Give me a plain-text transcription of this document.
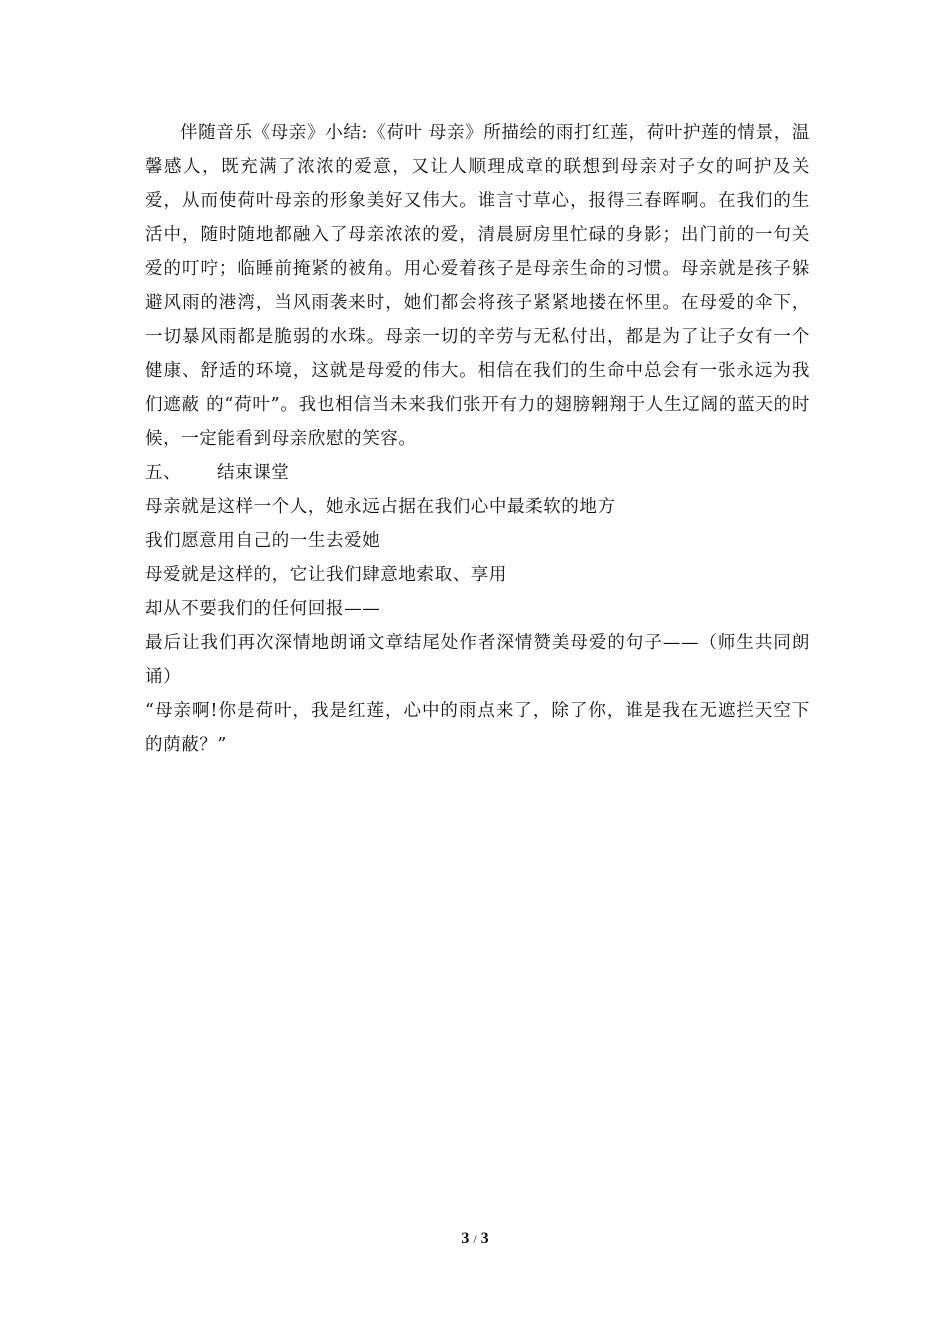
伴随音乐《母亲》小结:《荷叶 母亲》所描绘的雨打红莲，荷叶护莲的情景，温馨感人，既充满了浓浓的爱意，又让人顺理成章的联想到母亲对子女的呵护及关爱，从而使荷叶母亲的形象美好又伟大。谁言寸草心，报得三春晖啊。在我们的生活中，随时随地都融入了母亲浓浓的爱，清晨厨房里忙碌的身影；出门前的一句关爱的叮咛；临睡前掩紧的被角。用心爱着孩子是母亲生命的习惯。母亲就是孩子躲避风雨的港湾，当风雨袭来时，她们都会将孩子紧紧地搂在怀里。在母爱的伞下，一切暴风雨都是脆弱的水珠。母亲一切的辛劳与无私付出，都是为了让子女有一个健康、舒适的环境，这就是母爱的伟大。相信在我们的生命中总会有一张永远为我们遮蔽 的“荷叶”。我也相信当未来我们张开有力的翅膀翱翔于人生辽阔的蓝天的时候，一定能看到母亲欣慰的笑容。

五、 结束课堂

母亲就是这样一个人，她永远占据在我们心中最柔软的地方

我们愿意用自己的一生去爱她

母爱就是这样的，它让我们肆意地索取、享用

却从不要我们的任何回报——

最后让我们再次深情地朗诵文章结尾处作者深情赞美母爱的句子——（师生共同朗诵）

“母亲啊!你是荷叶，我是红莲，心中的雨点来了，除了你，谁是我在无遮拦天空下的荫蔽？”

3 / 3
